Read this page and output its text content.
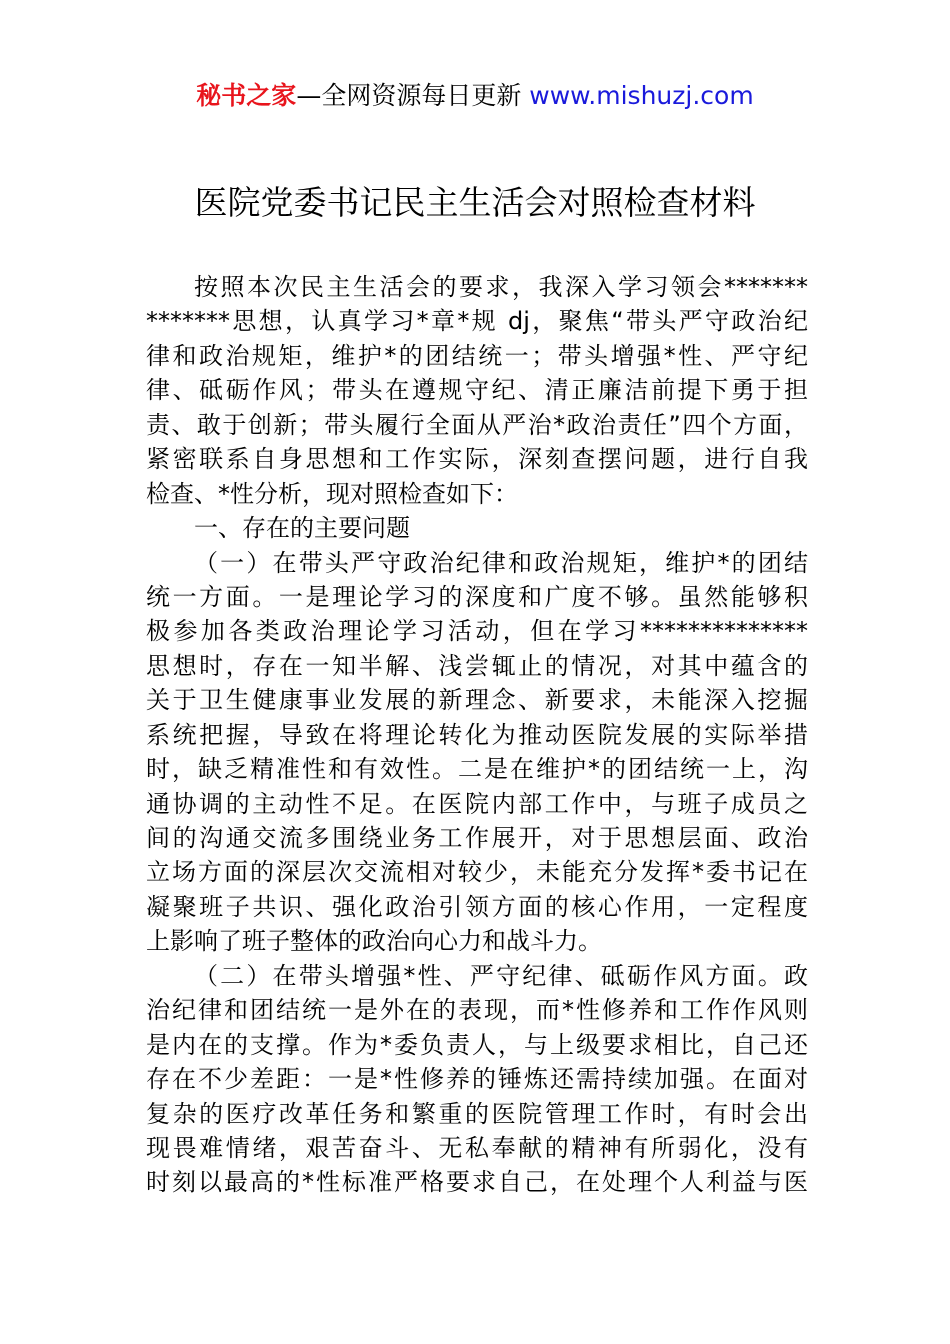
秘书之家—全网资源每日更新 www.mishuzj.com
医院党委书记民主生活会对照检查材料
按照本次民主生活会的要求，我深入学习领会*******
*******思想，认真学习*章*规 dj，聚焦“带头严守政治纪
律和政治规矩，维护*的团结统一；带头增强*性、严守纪
律、砥砺作风；带头在遵规守纪、清正廉洁前提下勇于担
责、敢于创新；带头履行全面从严治*政治责任”四个方面，
紧密联系自身思想和工作实际，深刻查摆问题，进行自我
检查、*性分析，现对照检查如下：
一、存在的主要问题
（一）在带头严守政治纪律和政治规矩，维护*的团结
统一方面。一是理论学习的深度和广度不够。虽然能够积
极参加各类政治理论学习活动，但在学习**************
思想时，存在一知半解、浅尝辄止的情况，对其中蕴含的
关于卫生健康事业发展的新理念、新要求，未能深入挖掘
系统把握，导致在将理论转化为推动医院发展的实际举措
时，缺乏精准性和有效性。二是在维护*的团结统一上，沟
通协调的主动性不足。在医院内部工作中，与班子成员之
间的沟通交流多围绕业务工作展开，对于思想层面、政治
立场方面的深层次交流相对较少，未能充分发挥*委书记在
凝聚班子共识、强化政治引领方面的核心作用，一定程度
上影响了班子整体的政治向心力和战斗力。
（二）在带头增强*性、严守纪律、砥砺作风方面。政
治纪律和团结统一是外在的表现，而*性修养和工作作风则
是内在的支撑。作为*委负责人，与上级要求相比，自己还
存在不少差距：一是*性修养的锤炼还需持续加强。在面对
复杂的医疗改革任务和繁重的医院管理工作时，有时会出
现畏难情绪，艰苦奋斗、无私奉献的精神有所弱化，没有
时刻以最高的*性标准严格要求自己，在处理个人利益与医
